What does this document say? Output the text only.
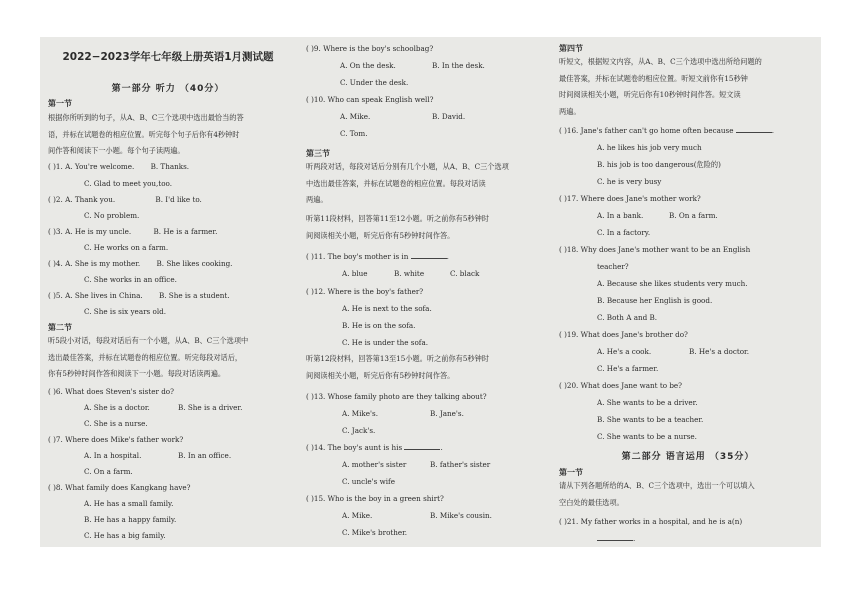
2022−2023学年七年级上册英语1月测试题
第一部分 听力 （40分）
第一节
根据你所听到的句子，从A、B、C三个选项中选出最恰当的答
语，并标在试题卷的相应位置。听完每个句子后你有4秒钟时
间作答和阅读下一小题。每个句子读两遍。
( )1. A. You're welcome. B. Thanks.
C. Glad to meet you,too.
( )2. A. Thank you.	B. I'd like to.
C. No problem.
( )3. A. He is my uncle.	B. He is a farmer.
C. He works on a farm.
( )4. A. She is my mother. B. She likes cooking.
C. She works in an office.
( )5. A. She lives in China. B. She is a student.
C. She is six years old.
第二节
听5段小对话，每段对话后有一个小题，从A、B、C三个选项中
选出最佳答案，并标在试题卷的相应位置。听完每段对话后，
你有5秒钟时间作答和阅读下一小题。每段对话读两遍。
( )6. What does Steven's sister do?
A. She is a doctor.	B. She is a driver.
C. She is a nurse.
( )7. Where does Mike's father work?
A. In a hospital.	B. In an office.
C. On a farm.
( )8. What family does Kangkang have?
A. He has a small family.
B. He has a happy family.
C. He has a big family.
( )9. Where is the boy's schoolbag?
A. On the desk.	B. In the desk.
C. Under the desk.
( )10. Who can speak English well?
A. Mike.	B. David.
C. Tom.
第三节
听两段对话，每段对话后分别有几个小题，从A、B、C三个选项
中选出最佳答案，并标在试题卷的相应位置。每段对话读
两遍。
听第11段材料，回答第11至12小题。听之前你有5秒钟时
间阅读相关小题，听完后你有5秒钟时间作答。
( )11. The boy's mother is in	.
A. blue	B. white	C. black
( )12. Where is the boy's father?
A. He is next to the sofa.
B. He is on the sofa.
C. He is under the sofa.
听第12段材料，回答第13至15小题。听之前你有5秒钟时
间阅读相关小题，听完后你有5秒钟时间作答。
( )13. Whose family photo are they talking about?
A. Mike's.	B. Jane's.
C. Jack's.
( )14. The boy's aunt is his	.
A. mother's sister	B. father's sister
C. uncle's wife
( )15. Who is the boy in a green shirt?
A. Mike.	B. Mike's cousin.
C. Mike's brother.
第四节
听短文，根据短文内容，从A、B、C三个选项中选出所给问题的
最佳答案，并标在试题卷的相应位置。听短文前你有15秒钟
时间阅读相关小题，听完后你有10秒钟时间作答。短文读
两遍。
( )16. Jane's father can't go home often because	.
A. he likes his job very much
B. his job is too dangerous(危险的)
C. he is very busy
( )17. Where does Jane's mother work?
A. In a bank.	B. On a farm.
C. In a factory.
( )18. Why does Jane's mother want to be an English
teacher?
A. Because she likes students very much.
B. Because her English is good.
C. Both A and B.
( )19. What does Jane's brother do?
A. He's a cook.	B. He's a doctor.
C. He's a farmer.
( )20. What does Jane want to be?
A. She wants to be a driver.
B. She wants to be a teacher.
C. She wants to be a nurse.
第二部分 语言运用 （35分）
第一节
请从下列各题所给的A、B、C三个选项中，选出一个可以填入
空白处的最佳选项。
( )21. My father works in a hospital, and he is a(n)
.
